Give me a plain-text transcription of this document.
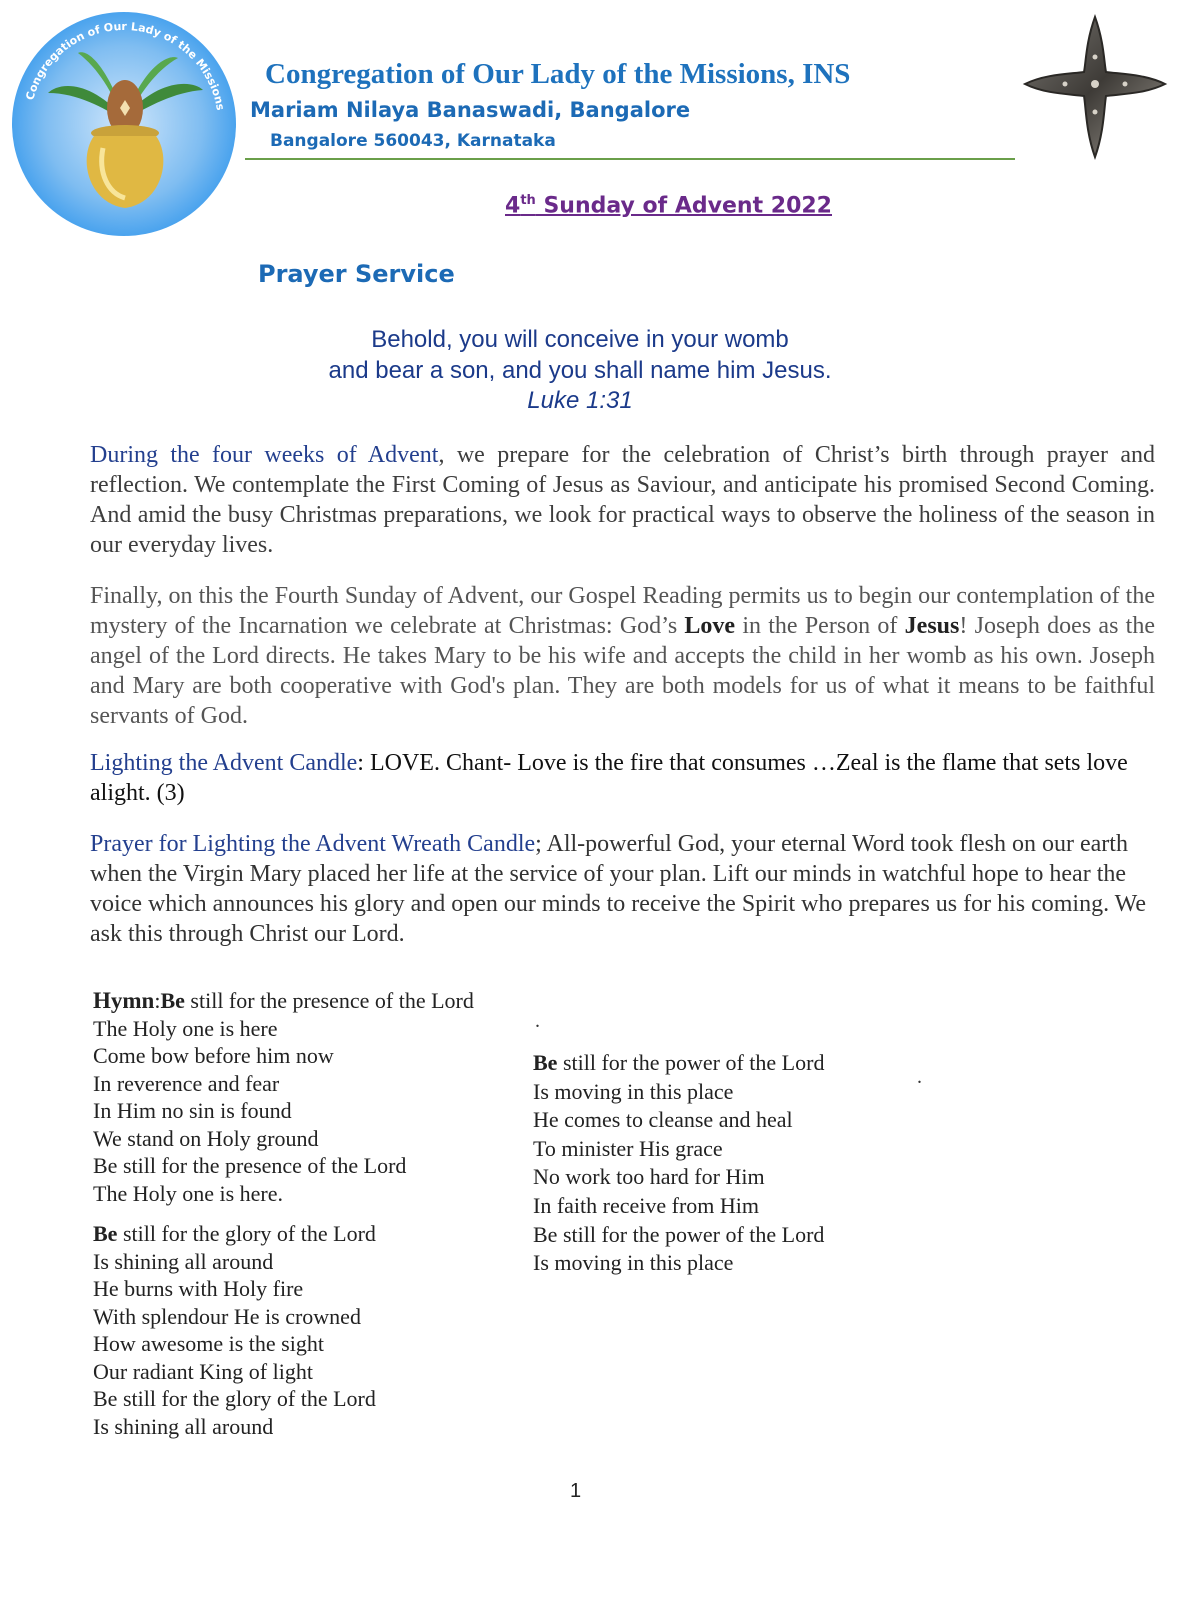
Congregation of Our Lady of the Missions
Congregation of Our Lady of the Missions, INS
Mariam Nilaya Banaswadi, Bangalore
Bangalore 560043, Karnataka
4th Sunday of Advent 2022
Prayer Service
Behold, you will conceive in your womb
and bear a son, and you shall name him Jesus.
Luke 1:31
During the four weeks of Advent, we prepare for the celebration of Christ’s birth through prayer and reflection. We contemplate the First Coming of Jesus as Saviour, and anticipate his promised Second Coming. And amid the busy Christmas preparations, we look for practical ways to observe the holiness of the season in our everyday lives.
Finally, on this the Fourth Sunday of Advent, our Gospel Reading permits us to begin our contemplation of the mystery of the Incarnation we celebrate at Christmas: God’s Love in the Person of Jesus! Joseph does as the angel of the Lord directs. He takes Mary to be his wife and accepts the child in her womb as his own. Joseph and Mary are both cooperative with God's plan. They are both models for us of what it means to be faithful servants of God.
Lighting the Advent Candle: LOVE. Chant- Love is the fire that consumes …Zeal is the flame that sets love alight. (3)
Prayer for Lighting the Advent Wreath Candle; All-powerful God, your eternal Word took flesh on our earth when the Virgin Mary placed her life at the service of your plan. Lift our minds in watchful hope to hear the voice which announces his glory and open our minds to receive the Spirit who prepares us for his coming. We ask this through Christ our Lord.
Hymn:Be still for the presence of the Lord
The Holy one is here
Come bow before him now
In reverence and fear
In Him no sin is found
We stand on Holy ground
Be still for the presence of the Lord
The Holy one is here.
Be still for the glory of the Lord
Is shining all around
He burns with Holy fire
With splendour He is crowned
How awesome is the sight
Our radiant King of light
Be still for the glory of the Lord
Is shining all around
Be still for the power of the Lord
Is moving in this place
He comes to cleanse and heal
To minister His grace
No work too hard for Him
In faith receive from Him
Be still for the power of the Lord
Is moving in this place
.
.
1
